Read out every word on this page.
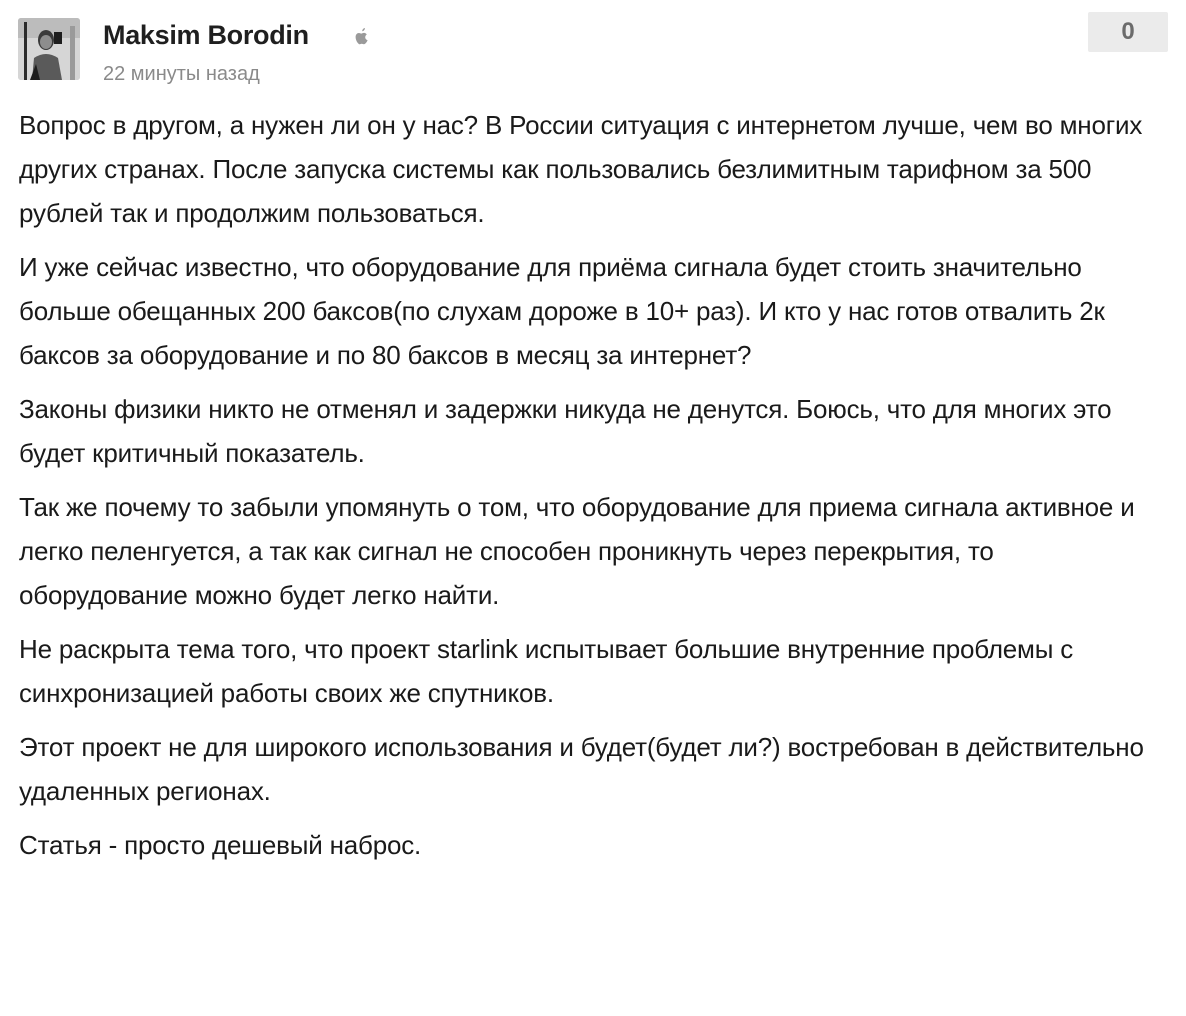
Maksim Borodin
22 минуты назад
0

Вопрос в другом, а нужен ли он у нас? В России ситуация с интернетом лучше, чем во многих других странах. После запуска системы как пользовались безлимитным тарифном за 500 рублей так и продолжим пользоваться.

И уже сейчас известно, что оборудование для приёма сигнала будет стоить значительно больше обещанных 200 баксов(по слухам дороже в 10+ раз). И кто у нас готов отвалить 2к баксов за оборудование и по 80 баксов в месяц за интернет?

Законы физики никто не отменял и задержки никуда не денутся. Боюсь, что для многих это будет критичный показатель.

Так же почему то забыли упомянуть о том, что оборудование для приема сигнала активное и легко пеленгуется, а так как сигнал не способен проникнуть через перекрытия, то оборудование можно будет легко найти.

Не раскрыта тема того, что проект starlink испытывает большие внутренние проблемы с синхронизацией работы своих же спутников.

Этот проект не для широкого использования и будет(будет ли?) востребован в действительно удаленных регионах.

Статья - просто дешевый наброс.
